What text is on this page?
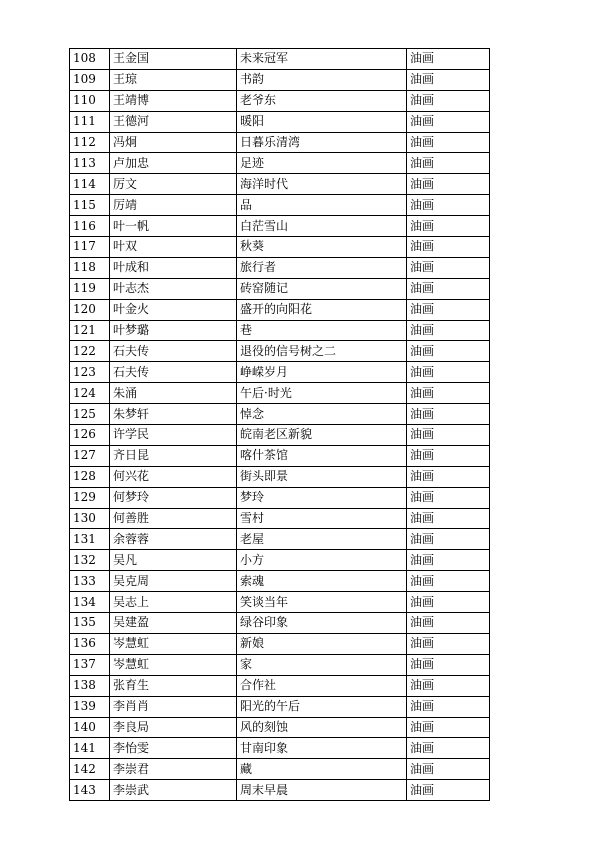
108	王金国	未来冠军	油画
109	王琼	书韵	油画
110	王靖博	老爷东	油画
111	王德河	暖阳	油画
112	冯炯	日暮乐清湾	油画
113	卢加忠	足迹	油画
114	厉文	海洋时代	油画
115	厉靖	品	油画
116	叶一帆	白茫雪山	油画
117	叶双	秋葵	油画
118	叶成和	旅行者	油画
119	叶志杰	砖窑随记	油画
120	叶金火	盛开的向阳花	油画
121	叶梦璐	巷	油画
122	石夫传	退役的信号树之二	油画
123	石夫传	峥嵘岁月	油画
124	朱涌	午后·时光	油画
125	朱梦轩	悼念	油画
126	许学民	皖南老区新貌	油画
127	齐日昆	喀什茶馆	油画
128	何兴花	街头即景	油画
129	何梦玲	梦玲	油画
130	何善胜	雪村	油画
131	余蓉蓉	老屋	油画
132	吴凡	小方	油画
133	吴克周	索魂	油画
134	吴志上	笑谈当年	油画
135	吴建盈	绿谷印象	油画
136	岑慧虹	新娘	油画
137	岑慧虹	家	油画
138	张育生	合作社	油画
139	李肖肖	阳光的午后	油画
140	李良局	风的刻蚀	油画
141	李怡雯	甘南印象	油画
142	李崇君	藏	油画
143	李崇武	周末早晨	油画
